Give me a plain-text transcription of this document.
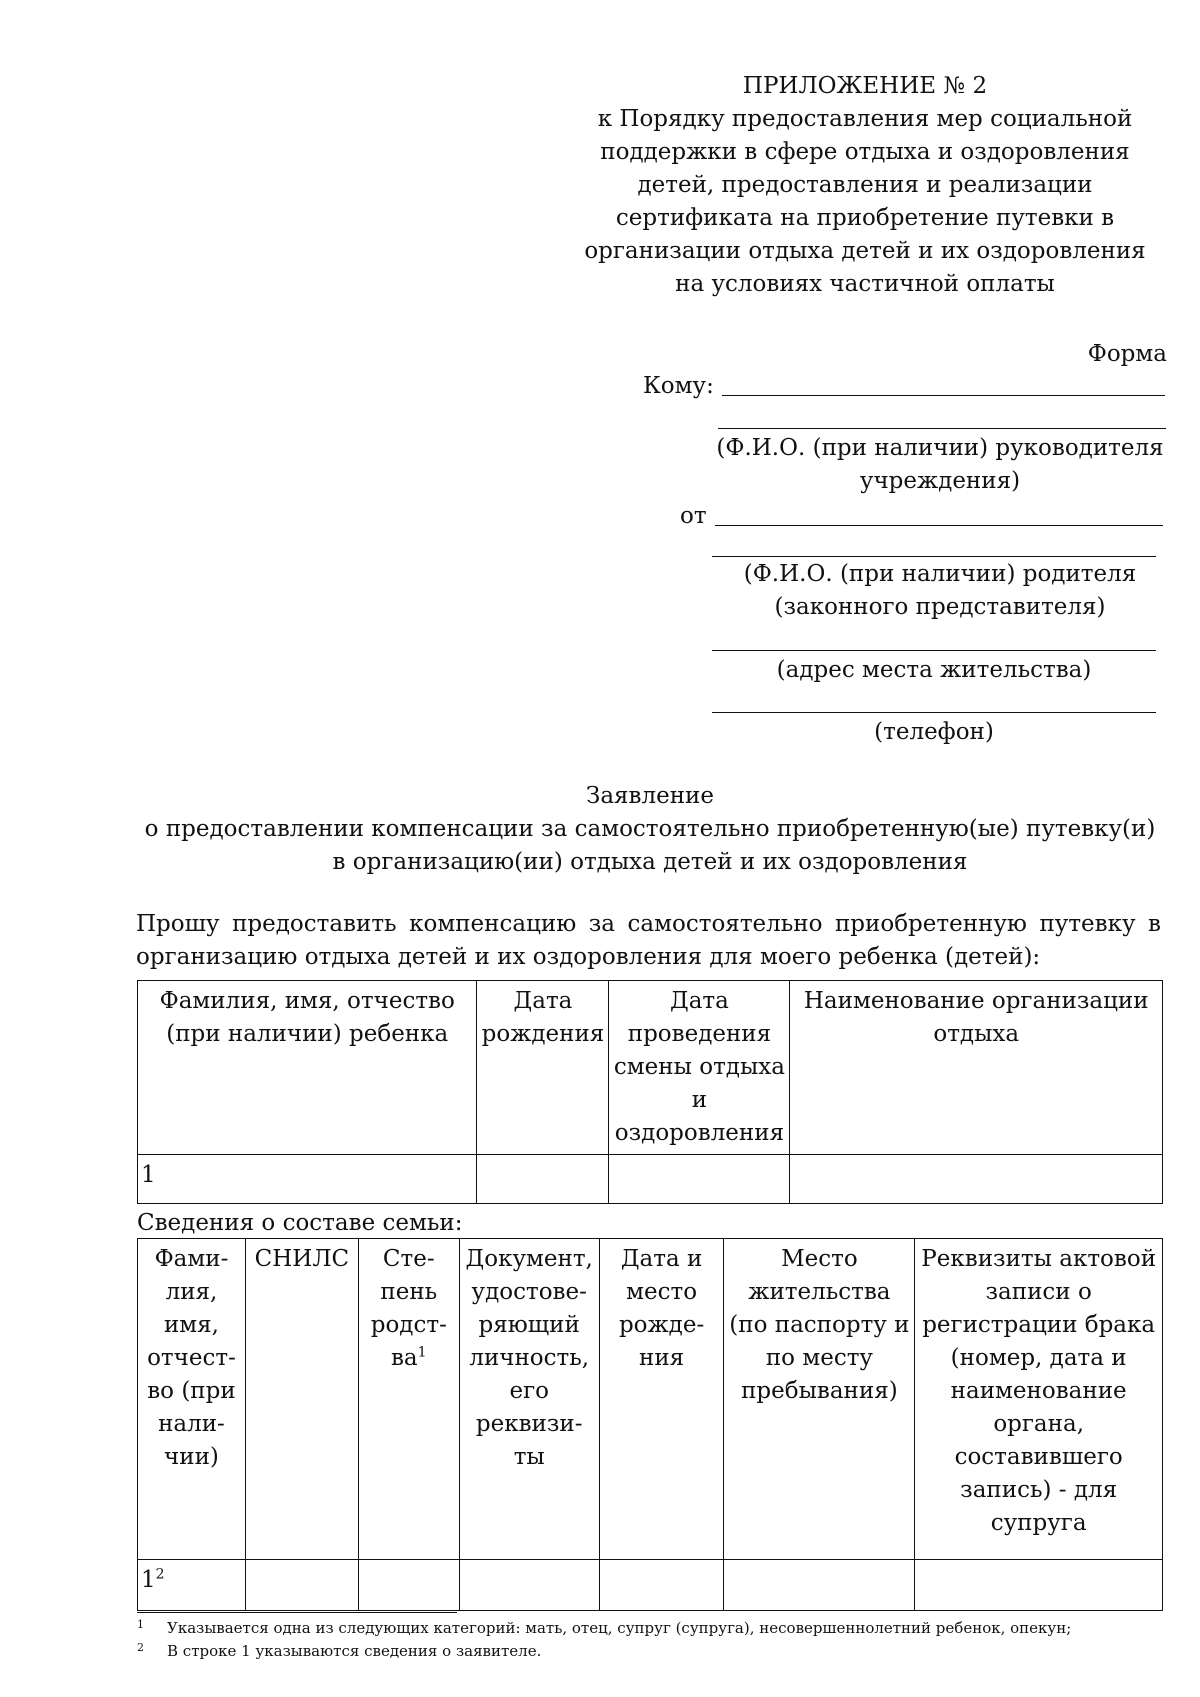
ПРИЛОЖЕНИЕ № 2
к Порядку предоставления мер социальной
поддержки в сфере отдыха и оздоровления
детей, предоставления и реализации
сертификата на приобретение путевки в
организации отдыха детей и их оздоровления
на условиях частичной оплаты
Форма
Кому:
(Ф.И.О. (при наличии) руководителя
учреждения)
от
(Ф.И.О. (при наличии) родителя
(законного представителя)
(адрес места жительства)
(телефон)
Заявление
о предоставлении компенсации за самостоятельно приобретенную(ые) путевку(и)
в организацию(ии) отдыха детей и их оздоровления
Прошу предоставить компенсацию за самостоятельно приобретенную путевку в организацию отдыха детей и их оздоровления для моего ребенка (детей):
Фамилия, имя, отчество (при наличии) ребенка	Дата рождения	Дата проведения смены отдыха и оздоровления	Наименование организации отдыха
1			
Сведения о составе семьи:
Фами-лия, имя, отчест-во (при нали-чии)	СНИЛС	Сте-пень родст-$ва^1$	Документ, удостове-ряющий личность, его реквизи-ты	Дата и место рожде-ния	Место жительства (по паспорту и по месту пребывания)	Реквизиты актовой записи о регистрации брака (номер, дата и наименование органа, составившего запись) - для супруга
$1^2$						
1 Указывается одна из следующих категорий: мать, отец, супруг (супруга), несовершеннолетний ребенок, опекун;
2 В строке 1 указываются сведения о заявителе.
